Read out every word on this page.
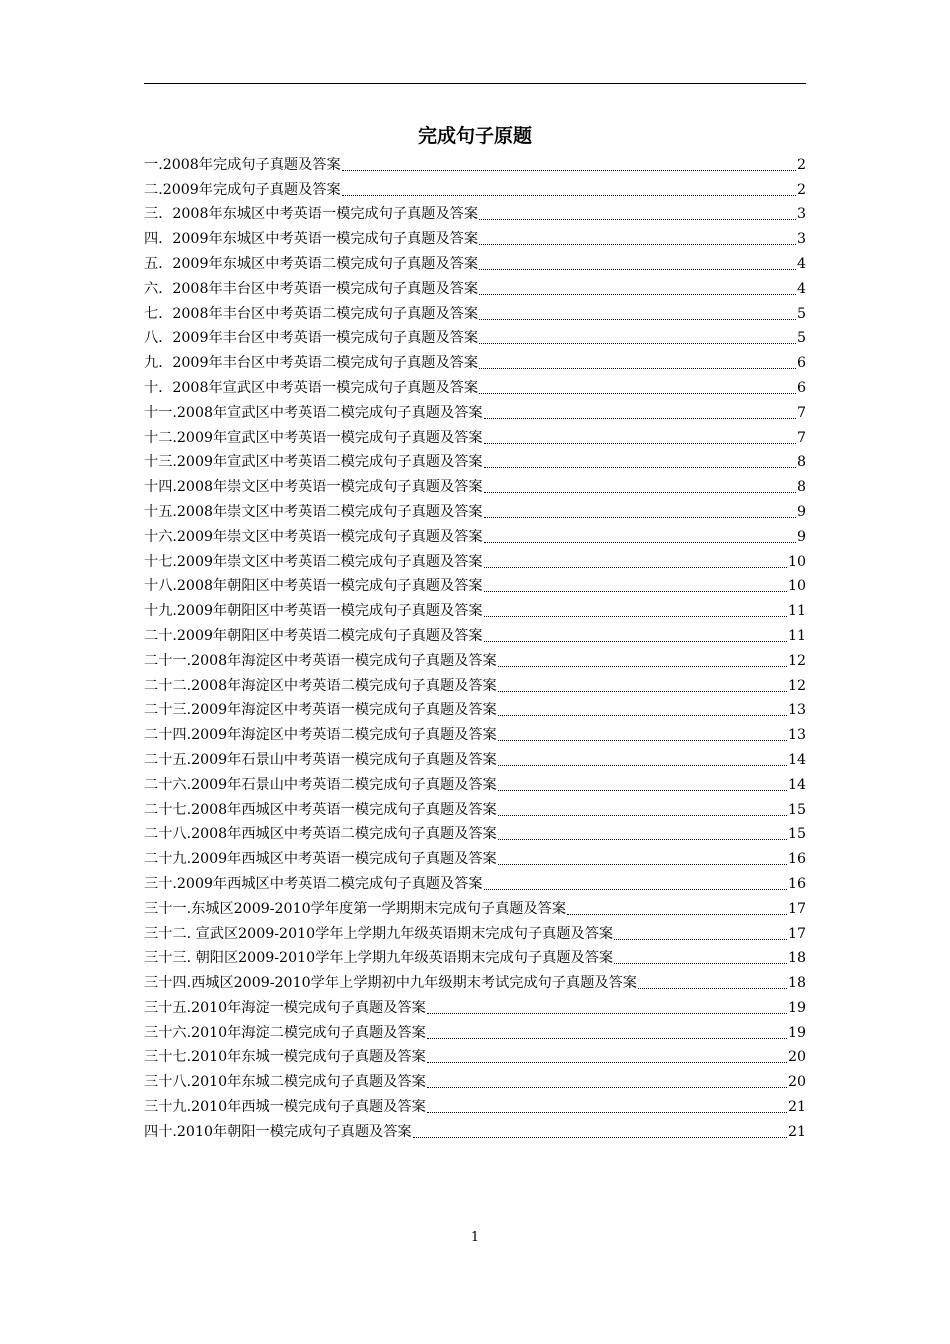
完成句子原题
一.2008年完成句子真题及答案	2
二.2009年完成句子真题及答案	2
三．2008年东城区中考英语一模完成句子真题及答案	3
四．2009年东城区中考英语一模完成句子真题及答案	3
五．2009年东城区中考英语二模完成句子真题及答案	4
六．2008年丰台区中考英语一模完成句子真题及答案	4
七．2008年丰台区中考英语二模完成句子真题及答案	5
八．2009年丰台区中考英语一模完成句子真题及答案	5
九．2009年丰台区中考英语二模完成句子真题及答案	6
十．2008年宣武区中考英语一模完成句子真题及答案	6
十一.2008年宣武区中考英语二模完成句子真题及答案	7
十二.2009年宣武区中考英语一模完成句子真题及答案	7
十三.2009年宣武区中考英语二模完成句子真题及答案	8
十四.2008年崇文区中考英语一模完成句子真题及答案	8
十五.2008年崇文区中考英语二模完成句子真题及答案	9
十六.2009年崇文区中考英语一模完成句子真题及答案	9
十七.2009年崇文区中考英语二模完成句子真题及答案	10
十八.2008年朝阳区中考英语一模完成句子真题及答案	10
十九.2009年朝阳区中考英语一模完成句子真题及答案	11
二十.2009年朝阳区中考英语二模完成句子真题及答案	11
二十一.2008年海淀区中考英语一模完成句子真题及答案	12
二十二.2008年海淀区中考英语二模完成句子真题及答案	12
二十三.2009年海淀区中考英语一模完成句子真题及答案	13
二十四.2009年海淀区中考英语二模完成句子真题及答案	13
二十五.2009年石景山中考英语一模完成句子真题及答案	14
二十六.2009年石景山中考英语二模完成句子真题及答案	14
二十七.2008年西城区中考英语一模完成句子真题及答案	15
二十八.2008年西城区中考英语二模完成句子真题及答案	15
二十九.2009年西城区中考英语一模完成句子真题及答案	16
三十.2009年西城区中考英语二模完成句子真题及答案	16
三十一.东城区2009-2010学年度第一学期期末完成句子真题及答案	17
三十二. 宣武区2009-2010学年上学期九年级英语期末完成句子真题及答案	17
三十三. 朝阳区2009-2010学年上学期九年级英语期末完成句子真题及答案	18
三十四.西城区2009-2010学年上学期初中九年级期末考试完成句子真题及答案	18
三十五.2010年海淀一模完成句子真题及答案	19
三十六.2010年海淀二模完成句子真题及答案	19
三十七.2010年东城一模完成句子真题及答案	20
三十八.2010年东城二模完成句子真题及答案	20
三十九.2010年西城一模完成句子真题及答案	21
四十.2010年朝阳一模完成句子真题及答案	21
1
